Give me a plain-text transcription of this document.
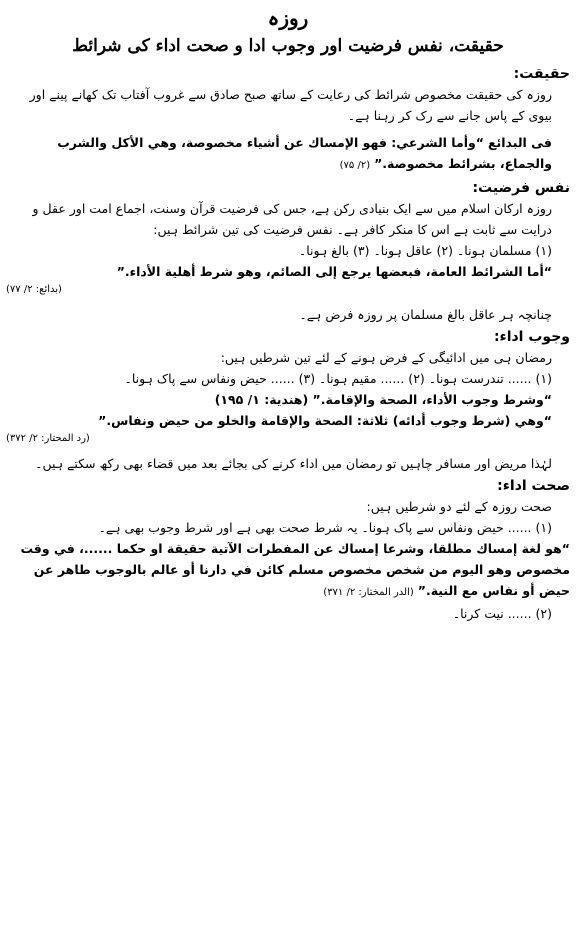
روزہ
حقیقت، نفس فرضیت اور وجوب ادا و صحت اداء کی شرائط
حقیقت:

روزہ کی حقیقت مخصوص شرائط کی رعایت کے ساتھ صبح صادق سے غروب آفتاب تک کھانے پینے اور بیوی کے پاس جانے سے رک کر رہنا ہے۔

فی البدائع “وأما الشرعي: فهو الإمساك عن أشياء مخصوصة، وهي الأكل والشرب والجماع، بشرائط مخصوصة.” (۲/ ۷۵)

نفس فرضیت:

روزہ ارکان اسلام میں سے ایک بنیادی رکن ہے، جس کی فرضیت قرآن وسنت، اجماع امت اور عقل و درایت سے ثابت ہے اس کا منکر کافر ہے۔ نفس فرضیت کی تین شرائط ہیں:

(۱) مسلمان ہونا۔ (۲) عاقل ہونا۔ (۳) بالغ ہونا۔

“أما الشرائط العامة، فبعضها يرجع إلى الصائم، وهو شرط أهلية الأداء.”

(بدائع: ۲/ ۷۷)

چنانچہ ہر عاقل بالغ مسلمان پر روزہ فرض ہے۔

وجوب اداء:

رمضان ہی میں ادائیگی کے فرض ہونے کے لئے تین شرطیں ہیں:

(۱) ...... تندرست ہونا۔ (۲) ...... مقیم ہونا۔ (۳) ...... حیض ونفاس سے پاک ہونا۔

“وشرط وجوب الأداء، الصحة والإقامة.” (هندية: ۱/ ۱۹۵)

“وهي (شرط وجوب أدائه) ثلاثة: الصحة والإقامة والخلو من حيض ونفاس.”

(رد المحتار: ۲/ ۳۷۲)

لہٰذا مریض اور مسافر چاہیں تو رمضان میں اداء کرنے کی بجائے بعد میں قضاء بھی رکھ سکتے ہیں۔

صحت اداء:

صحت روزہ کے لئے دو شرطیں ہیں:

(۱) ...... حیض ونفاس سے پاک ہونا۔ یہ شرط صحت بھی ہے اور شرط وجوب بھی ہے۔

“هو لغة إمساك مطلقا، وشرعا إمساك عن المفطرات الآتية حقيقة او حكما ......، في وقت مخصوص وهو اليوم من شخص مخصوص مسلم كائن في دارنا أو عالم بالوجوب طاهر عن حيض أو نفاس مع النية.” (الدر المختار: ۲/ ۳۷۱)

(۲) ...... نیت کرنا۔
